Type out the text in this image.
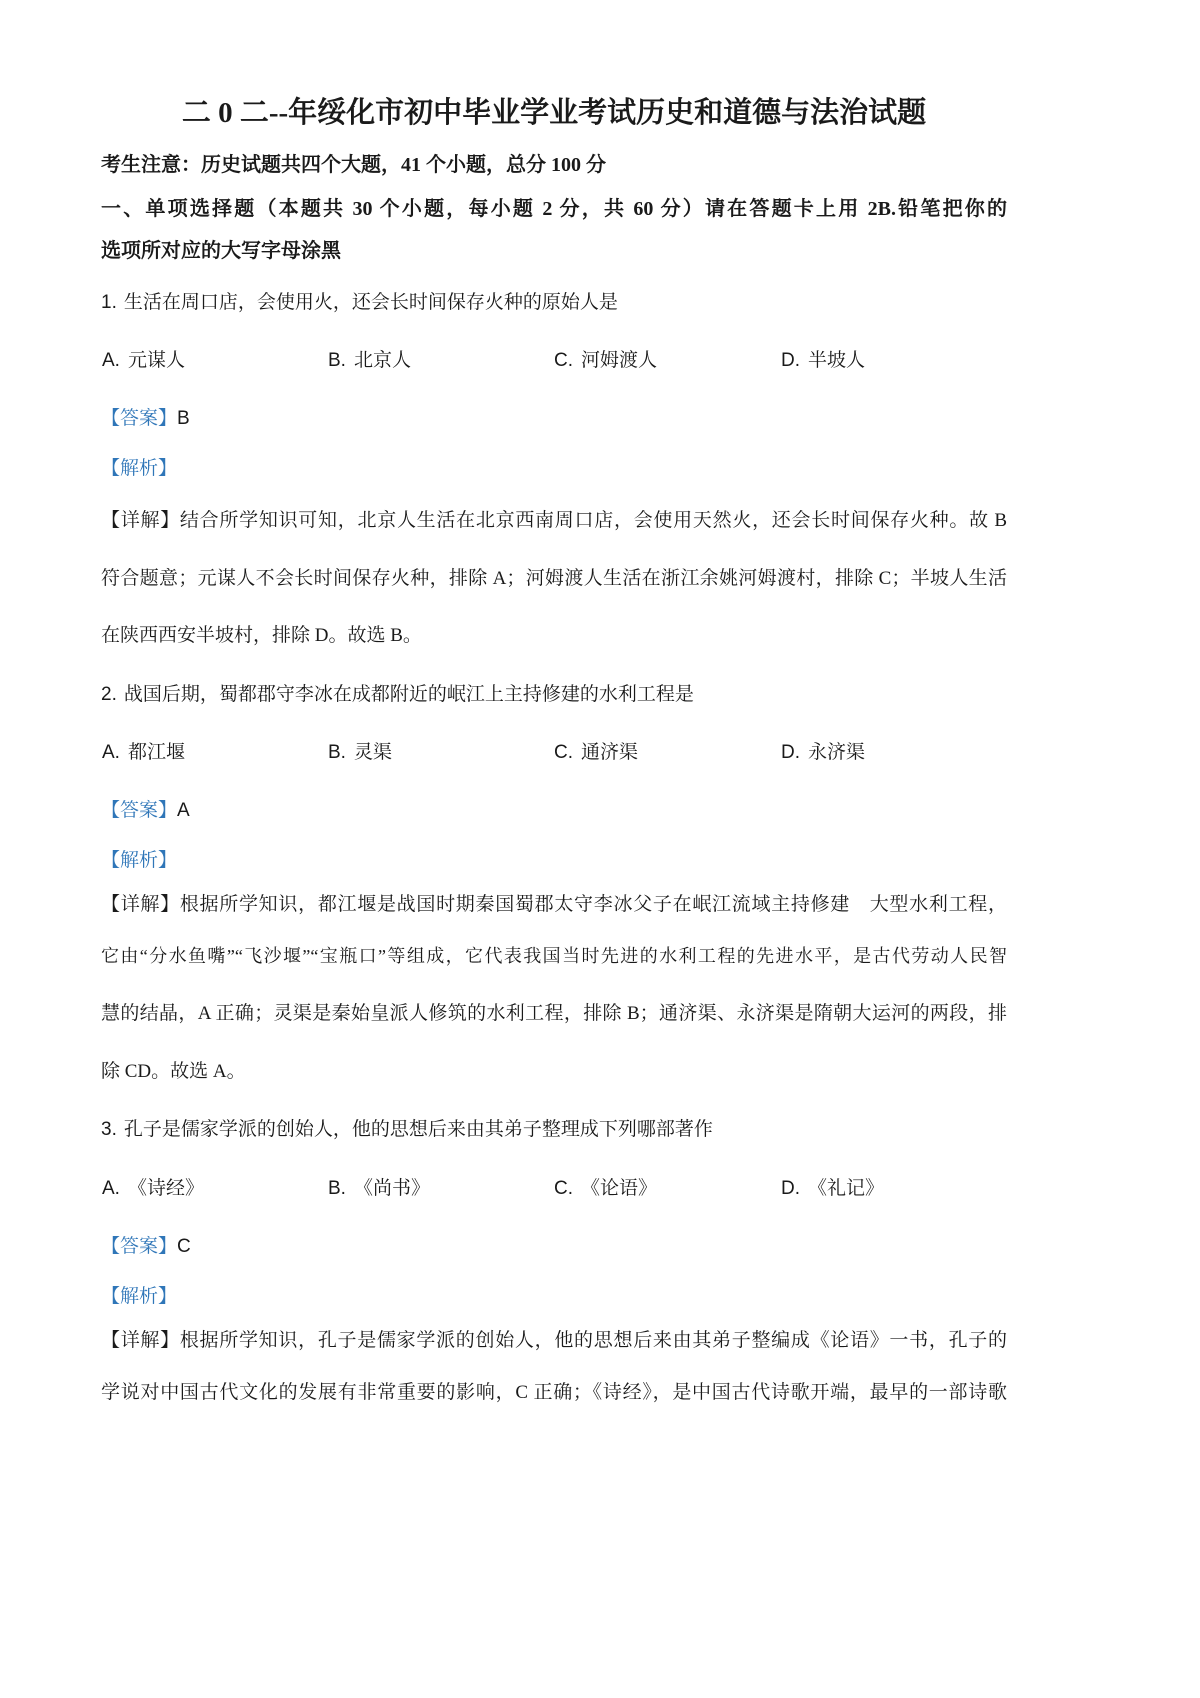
二 0 二--年绥化市初中毕业学业考试历史和道德与法治试题
考生注意：历史试题共四个大题，41 个小题，总分 100 分
一、单项选择题（本题共 30 个小题，每小题 2 分，共 60 分）请在答题卡上用 2B.铅笔把你的
选项所对应的大写字母涂黑
1. 生活在周口店，会使用火，还会长时间保存火种的原始人是
A. 元谋人	B. 北京人	C. 河姆渡人	D. 半坡人
【答案】B
【解析】
【详解】结合所学知识可知，北京人生活在北京西南周口店，会使用天然火，还会长时间保存火种。故 B
符合题意；元谋人不会长时间保存火种，排除 A；河姆渡人生活在浙江余姚河姆渡村，排除 C；半坡人生活
在陕西西安半坡村，排除 D。故选 B。
2. 战国后期，蜀都郡守李冰在成都附近的岷江上主持修建的水利工程是
A. 都江堰	B. 灵渠	C. 通济渠	D. 永济渠
【答案】A
【解析】
【详解】根据所学知识，都江堰是战国时期秦国蜀郡太守李冰父子在岷江流域主持修建　大型水利工程，
它由“分水鱼嘴”“飞沙堰”“宝瓶口”等组成，它代表我国当时先进的水利工程的先进水平，是古代劳动人民智
慧的结晶，A 正确；灵渠是秦始皇派人修筑的水利工程，排除 B；通济渠、永济渠是隋朝大运河的两段，排
除 CD。故选 A。
3. 孔子是儒家学派的创始人，他的思想后来由其弟子整理成下列哪部著作
A. 《诗经》	B. 《尚书》	C. 《论语》	D. 《礼记》
【答案】C
【解析】
【详解】根据所学知识，孔子是儒家学派的创始人，他的思想后来由其弟子整编成《论语》一书，孔子的
学说对中国古代文化的发展有非常重要的影响，C 正确；《诗经》，是中国古代诗歌开端，最早的一部诗歌
